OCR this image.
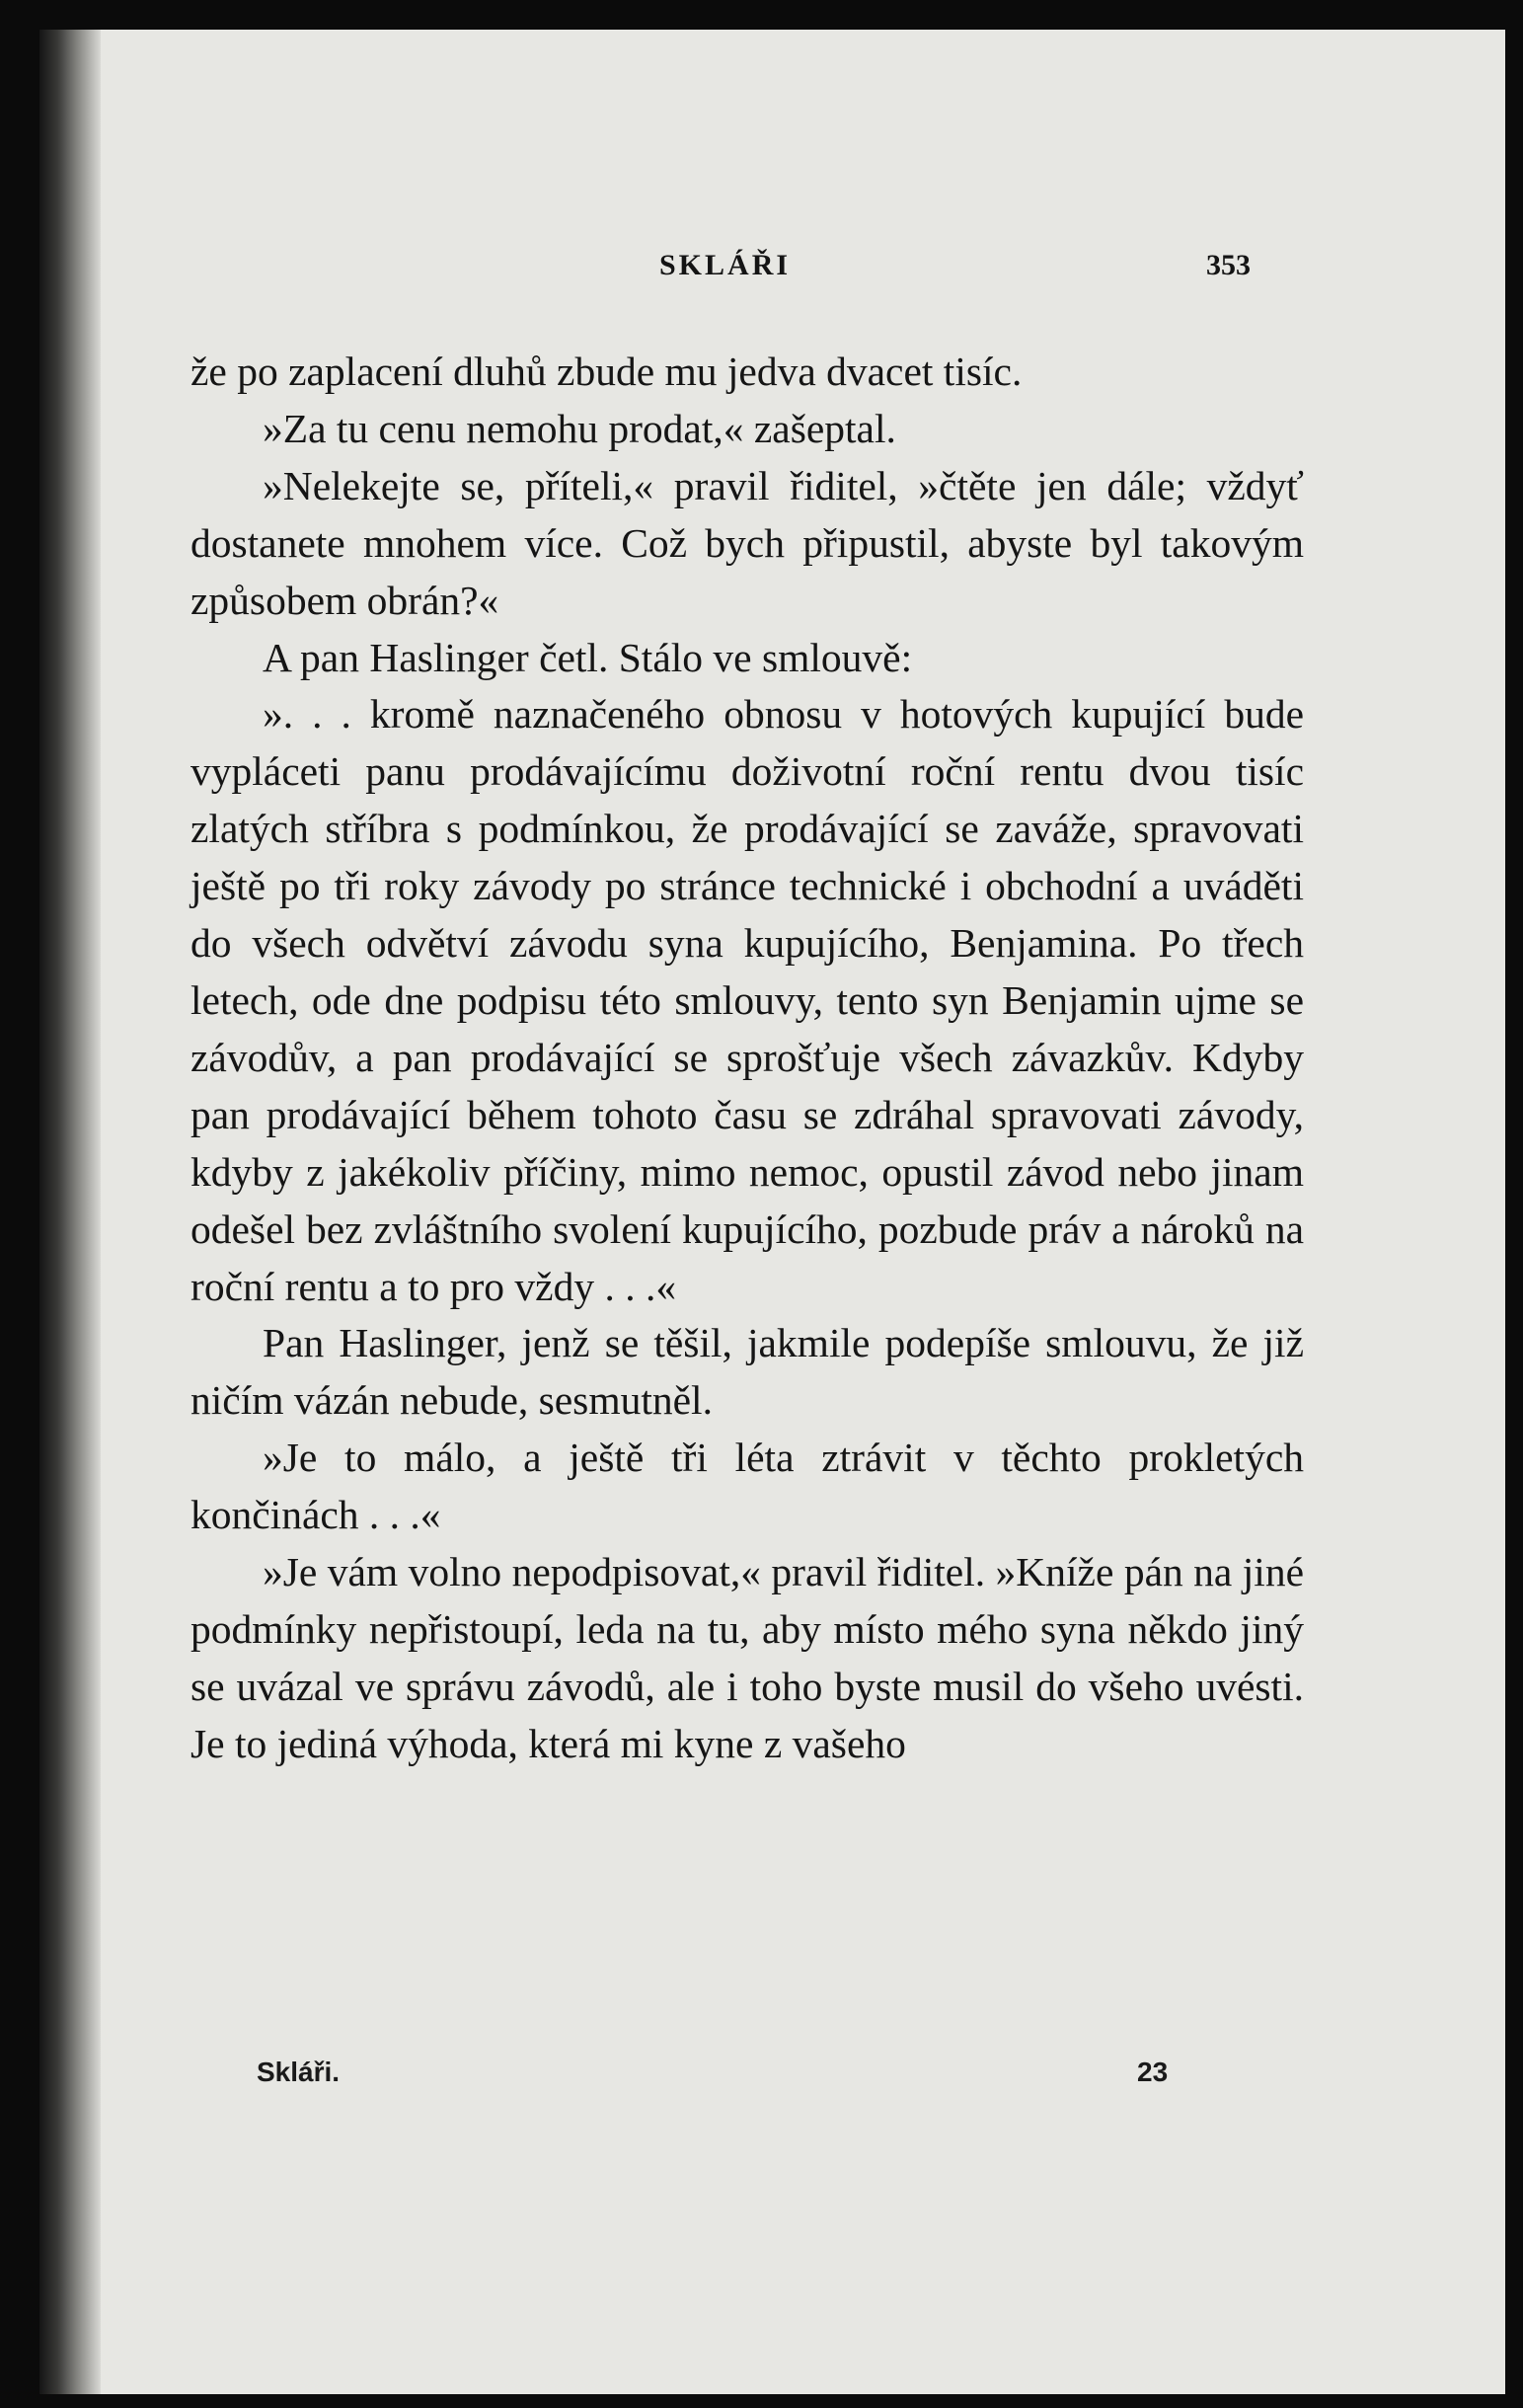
SKLÁŘI	353

že po zaplacení dluhů zbude mu jedva dvacet tisíc.

»Za tu cenu nemohu prodat,« zašeptal.

»Nelekejte se, příteli,« pravil řiditel, »čtěte jen dále; vždyť dostanete mnohem více. Což bych připustil, abyste byl takovým způsobem obrán?«

A pan Haslinger četl. Stálo ve smlouvě:

». . . kromě naznačeného obnosu v hotových kupující bude vypláceti panu prodávajícímu doživotní roční rentu dvou tisíc zlatých stříbra s podmínkou, že prodávající se zaváže, spravovati ještě po tři roky závody po stránce technické i obchodní a uváděti do všech odvětví závodu syna kupujícího, Benjamina. Po třech letech, ode dne podpisu této smlouvy, tento syn Benjamin ujme se závodův, a pan prodávající se sprošťuje všech závazkův. Kdyby pan prodávající během tohoto času se zdráhal spravovati závody, kdyby z jakékoliv příčiny, mimo nemoc, opustil závod nebo jinam odešel bez zvláštního svolení kupujícího, pozbude práv a nároků na roční rentu a to pro vždy . . .«

Pan Haslinger, jenž se těšil, jakmile podepíše smlouvu, že již ničím vázán nebude, sesmutněl.

»Je to málo, a ještě tři léta ztrávit v těchto prokletých končinách . . .«

»Je vám volno nepodpisovat,« pravil řiditel. »Kníže pán na jiné podmínky nepřistoupí, leda na tu, aby místo mého syna někdo jiný se uvázal ve správu závodů, ale i toho byste musil do všeho uvésti. Je to jediná výhoda, která mi kyne z vašeho

Skláři.	23
